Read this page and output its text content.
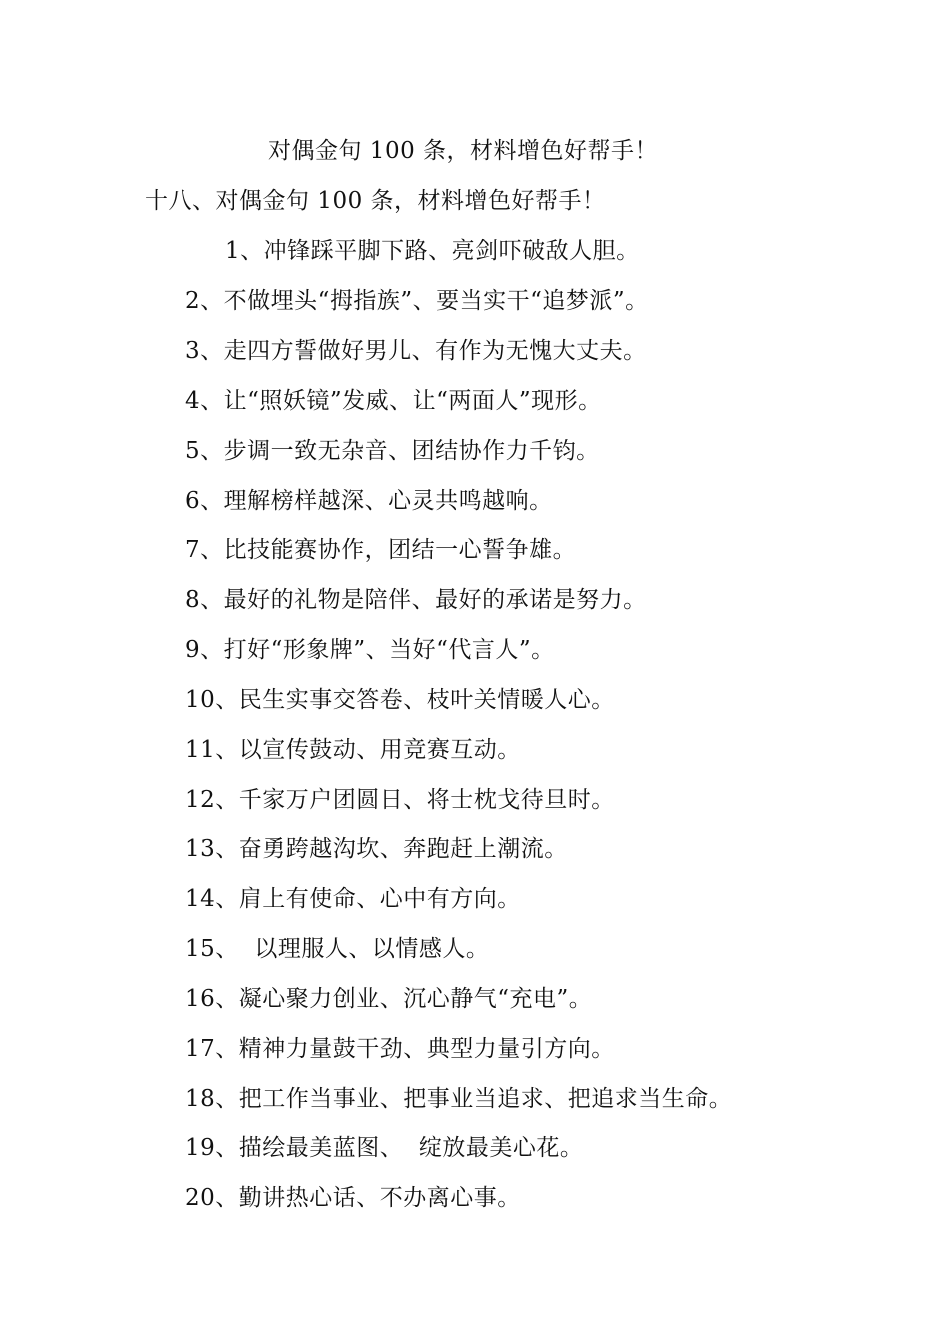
对偶金句 100 条，材料增色好帮手！
十八、对偶金句 100 条，材料增色好帮手！
1、冲锋踩平脚下路、亮剑吓破敌人胆。
2、不做埋头“拇指族”、要当实干“追梦派”。
3、走四方誓做好男儿、有作为无愧大丈夫。
4、让“照妖镜”发威、让“两面人”现形。
5、步调一致无杂音、团结协作力千钧。
6、理解榜样越深、心灵共鸣越响。
7、比技能赛协作，团结一心誓争雄。
8、最好的礼物是陪伴、最好的承诺是努力。
9、打好“形象牌”、当好“代言人”。
10、民生实事交答卷、枝叶关情暖人心。
11、以宣传鼓动、用竞赛互动。
12、千家万户团圆日、将士枕戈待旦时。
13、奋勇跨越沟坎、奔跑赶上潮流。
14、肩上有使命、心中有方向。
15、  以理服人、以情感人。
16、凝心聚力创业、沉心静气“充电”。
17、精神力量鼓干劲、典型力量引方向。
18、把工作当事业、把事业当追求、把追求当生命。
19、描绘最美蓝图、  绽放最美心花。
20、勤讲热心话、不办离心事。
